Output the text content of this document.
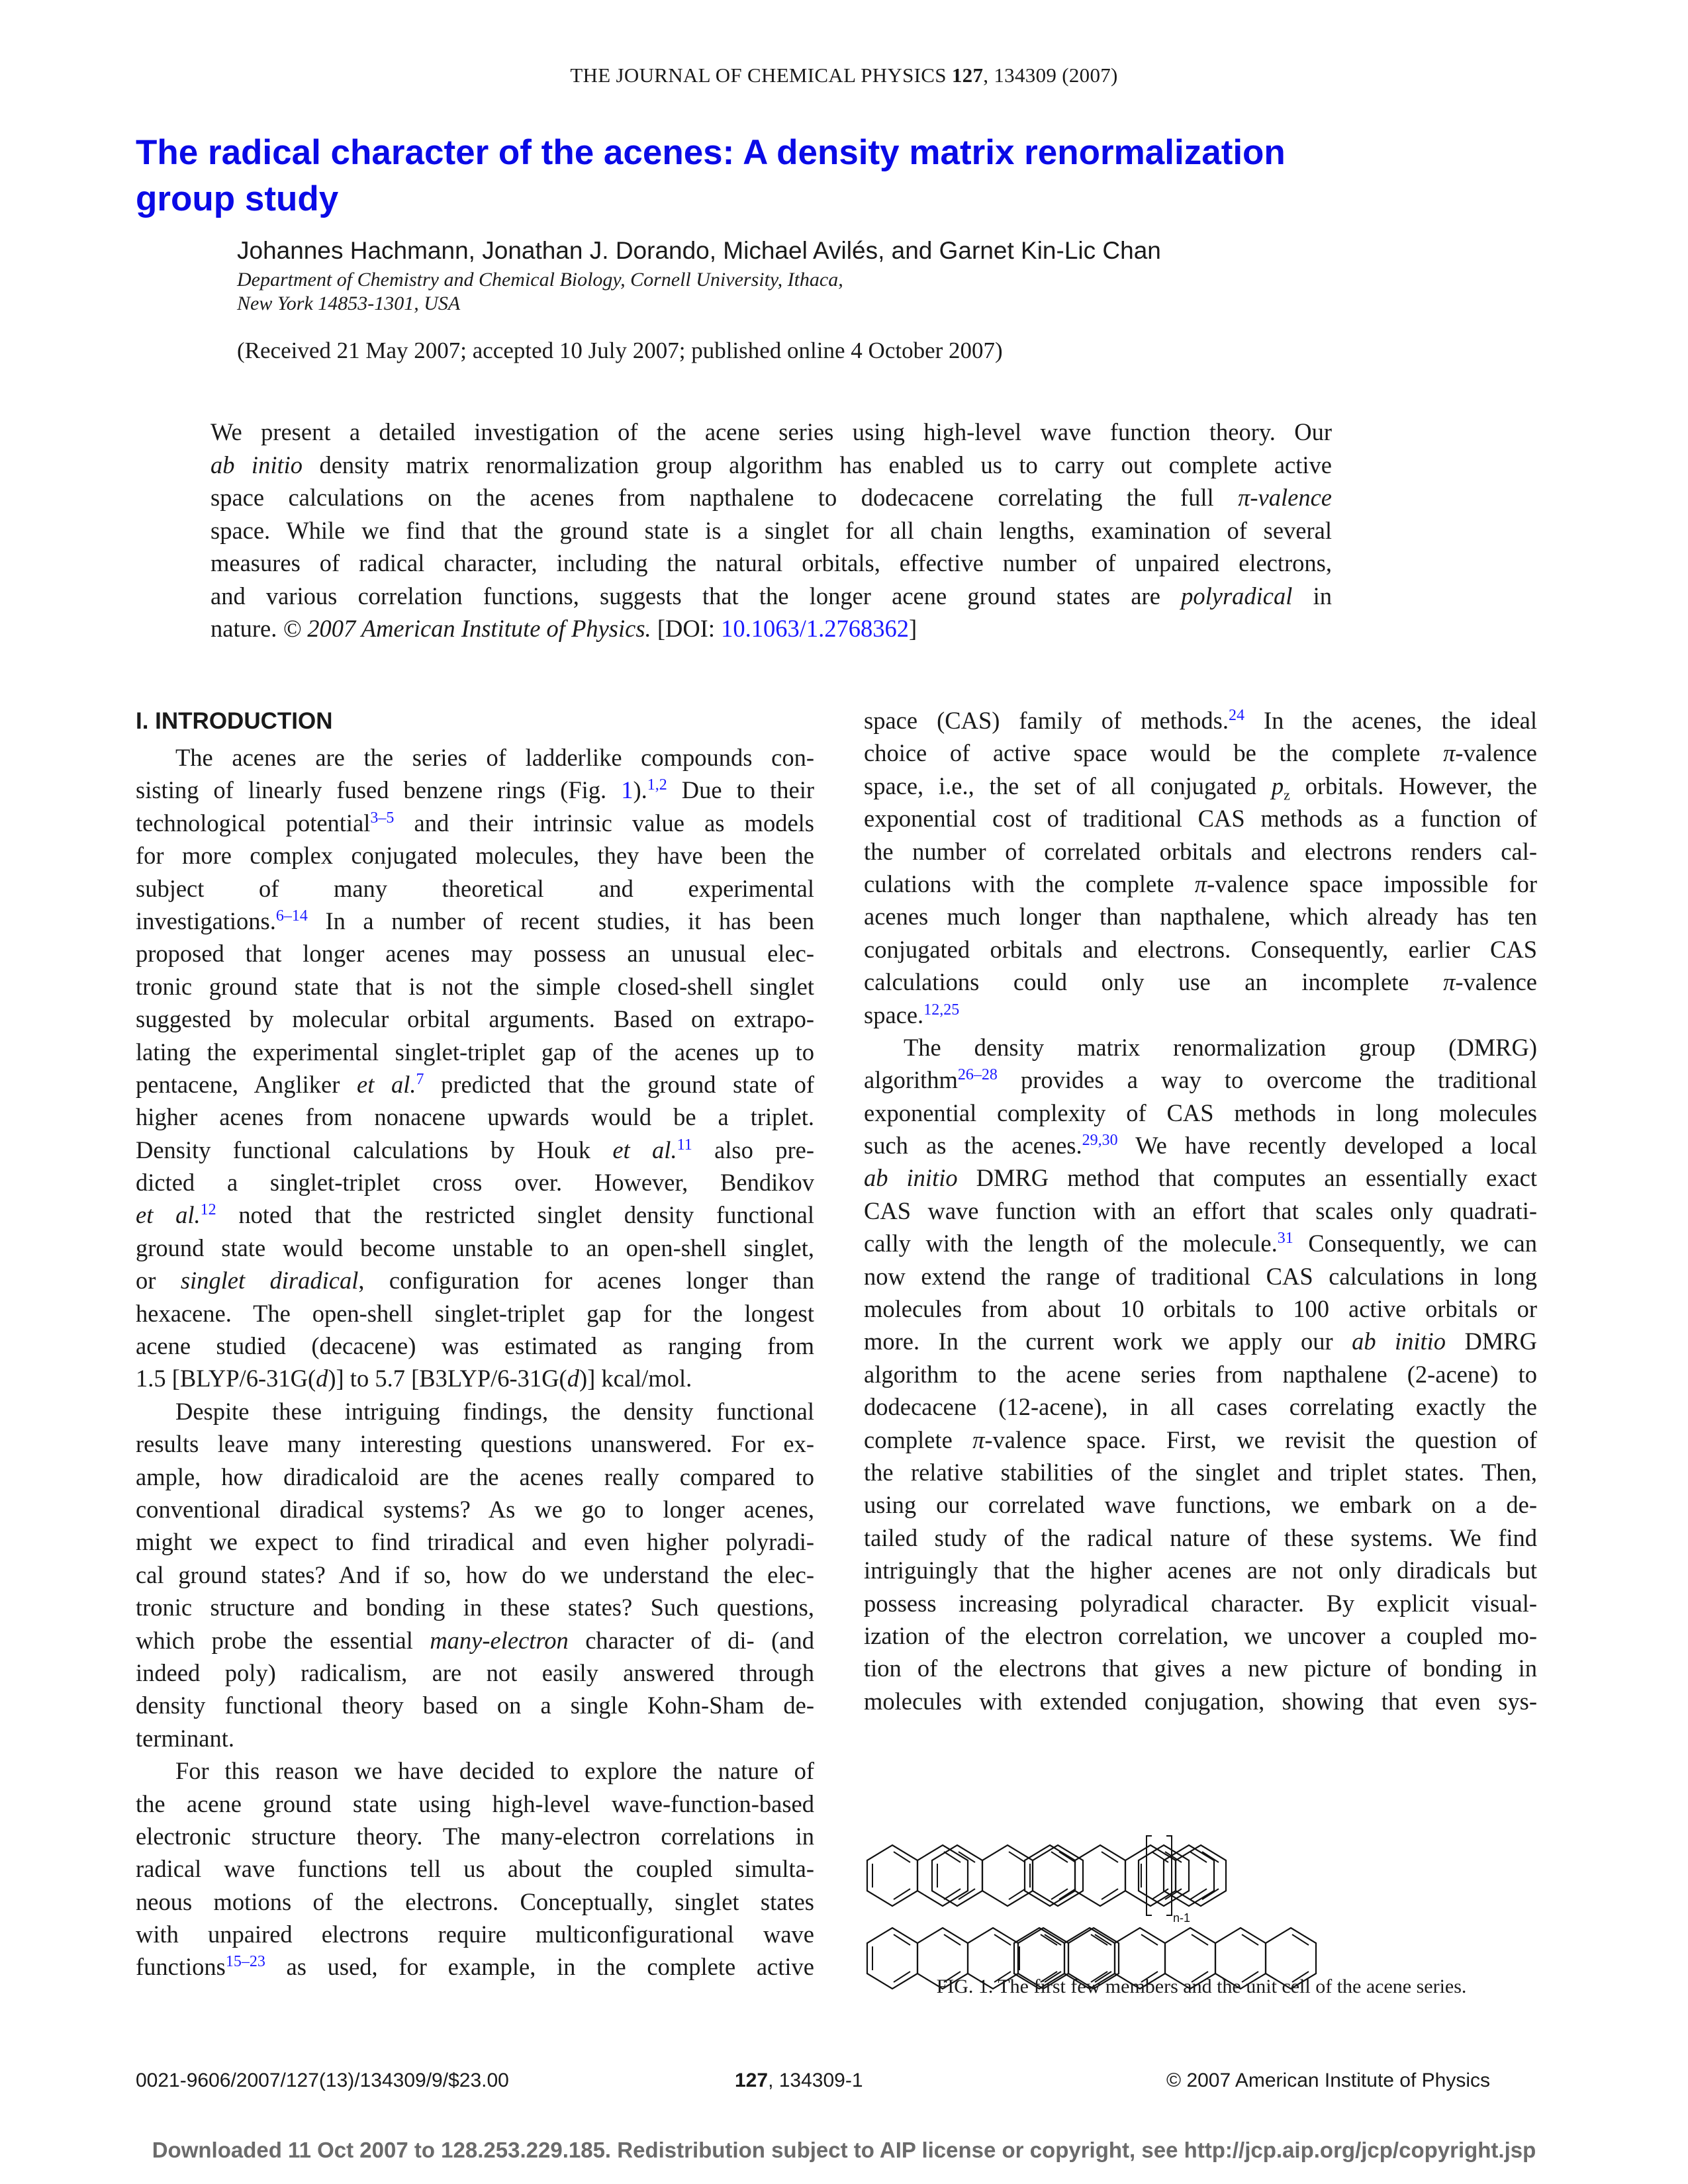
THE JOURNAL OF CHEMICAL PHYSICS 127, 134309 (2007)
The radical character of the acenes: A density matrix renormalization
group study
Johannes Hachmann, Jonathan J. Dorando, Michael Avilés, and Garnet Kin-Lic Chan
Department of Chemistry and Chemical Biology, Cornell University, Ithaca,
New York 14853-1301, USA
(Received 21 May 2007; accepted 10 July 2007; published online 4 October 2007)
We present a detailed investigation of the acene series using high-level wave function theory. Our
ab initio density matrix renormalization group algorithm has enabled us to carry out complete active
space calculations on the acenes from napthalene to dodecacene correlating the full π-valence
space. While we find that the ground state is a singlet for all chain lengths, examination of several
measures of radical character, including the natural orbitals, effective number of unpaired electrons,
and various correlation functions, suggests that the longer acene ground states are polyradical in
nature. © 2007 American Institute of Physics. [DOI: 10.1063/1.2768362]
I. INTRODUCTION
The acenes are the series of ladderlike compounds con-
sisting of linearly fused benzene rings (Fig. 1).$^{1,2}$ Due to their
technological potential$^{3-5}$ and their intrinsic value as models
for more complex conjugated molecules, they have been the
subject of many theoretical and experimental
investigations.$^{6-14}$ In a number of recent studies, it has been
proposed that longer acenes may possess an unusual elec-
tronic ground state that is not the simple closed-shell singlet
suggested by molecular orbital arguments. Based on extrapo-
lating the experimental singlet-triplet gap of the acenes up to
pentacene, Angliker et al.$^7$ predicted that the ground state of
higher acenes from nonacene upwards would be a triplet.
Density functional calculations by Houk et al.$^{11}$ also pre-
dicted a singlet-triplet cross over. However, Bendikov
et al.$^{12}$ noted that the restricted singlet density functional
ground state would become unstable to an open-shell singlet,
or singlet diradical, configuration for acenes longer than
hexacene. The open-shell singlet-triplet gap for the longest
acene studied (decacene) was estimated as ranging from
1.5 [BLYP/6-31G(d)] to 5.7 [B3LYP/6-31G(d)] kcal/mol.
Despite these intriguing findings, the density functional
results leave many interesting questions unanswered. For ex-
ample, how diradicaloid are the acenes really compared to
conventional diradical systems? As we go to longer acenes,
might we expect to find triradical and even higher polyradi-
cal ground states? And if so, how do we understand the elec-
tronic structure and bonding in these states? Such questions,
which probe the essential many-electron character of di- (and
indeed poly) radicalism, are not easily answered through
density functional theory based on a single Kohn-Sham de-
terminant.
For this reason we have decided to explore the nature of
the acene ground state using high-level wave-function-based
electronic structure theory. The many-electron correlations in
radical wave functions tell us about the coupled simulta-
neous motions of the electrons. Conceptually, singlet states
with unpaired electrons require multiconfigurational wave
functions$^{15-23}$ as used, for example, in the complete active
space (CAS) family of methods.$^{24}$ In the acenes, the ideal
choice of active space would be the complete π-valence
space, i.e., the set of all conjugated $p_z$ orbitals. However, the
exponential cost of traditional CAS methods as a function of
the number of correlated orbitals and electrons renders cal-
culations with the complete π-valence space impossible for
acenes much longer than napthalene, which already has ten
conjugated orbitals and electrons. Consequently, earlier CAS
calculations could only use an incomplete π-valence
space.$^{12,25}$
The density matrix renormalization group (DMRG)
algorithm$^{26-28}$ provides a way to overcome the traditional
exponential complexity of CAS methods in long molecules
such as the acenes.$^{29,30}$ We have recently developed a local
ab initio DMRG method that computes an essentially exact
CAS wave function with an effort that scales only quadrati-
cally with the length of the molecule.$^{31}$ Consequently, we can
now extend the range of traditional CAS calculations in long
molecules from about 10 orbitals to 100 active orbitals or
more. In the current work we apply our ab initio DMRG
algorithm to the acene series from napthalene (2-acene) to
dodecacene (12-acene), in all cases correlating exactly the
complete π-valence space. First, we revisit the question of
the relative stabilities of the singlet and triplet states. Then,
using our correlated wave functions, we embark on a de-
tailed study of the radical nature of these systems. We find
intriguingly that the higher acenes are not only diradicals but
possess increasing polyradical character. By explicit visual-
ization of the electron correlation, we uncover a coupled mo-
tion of the electrons that gives a new picture of bonding in
molecules with extended conjugation, showing that even sys-
n-1
FIG. 1. The first few members and the unit cell of the acene series.
0021-9606/2007/127(13)/134309/9/$23.00	127, 134309-1	© 2007 American Institute of Physics
Downloaded 11 Oct 2007 to 128.253.229.185. Redistribution subject to AIP license or copyright, see http://jcp.aip.org/jcp/copyright.jsp
